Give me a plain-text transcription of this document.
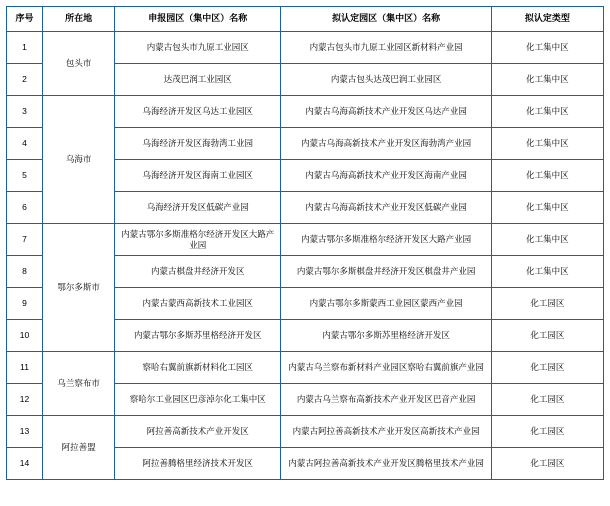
序号	所在地	申报园区（集中区）名称	拟认定园区（集中区）名称	拟认定类型
1	包头市	内蒙古包头市九原工业园区	内蒙古包头市九原工业园区新材料产业园	化工集中区
2		达茂巴润工业园区	内蒙古包头达茂巴润工业园区	化工集中区
3	乌海市	乌海经济开发区乌达工业园区	内蒙古乌海高新技术产业开发区乌达产业园	化工集中区
4		乌海经济开发区海勃湾工业园	内蒙古乌海高新技术产业开发区海勃湾产业园	化工集中区
5		乌海经济开发区海南工业园区	内蒙古乌海高新技术产业开发区海南产业园	化工集中区
6		乌海经济开发区低碳产业园	内蒙古乌海高新技术产业开发区低碳产业园	化工集中区
7	鄂尔多斯市	内蒙古鄂尔多斯准格尔经济开发区大路产业园	内蒙古鄂尔多斯准格尔经济开发区大路产业园	化工集中区
8		内蒙古棋盘井经济开发区	内蒙古鄂尔多斯棋盘井经济开发区棋盘井产业园	化工集中区
9		内蒙古蒙西高新技术工业园区	内蒙古鄂尔多斯蒙西工业园区蒙西产业园	化工园区
10		内蒙古鄂尔多斯苏里格经济开发区	内蒙古鄂尔多斯苏里格经济开发区	化工园区
11	乌兰察布市	察哈右翼前旗新材料化工园区	内蒙古乌兰察布新材料产业园区察哈右翼前旗产业园	化工园区
12		察哈尔工业园区巴彦淖尔化工集中区	内蒙古乌兰察布高新技术产业开发区巴音产业园	化工园区
13	阿拉善盟	阿拉善高新技术产业开发区	内蒙古阿拉善高新技术产业开发区高新技术产业园	化工园区
14		阿拉善腾格里经济技术开发区	内蒙古阿拉善高新技术产业开发区腾格里技术产业园	化工园区
